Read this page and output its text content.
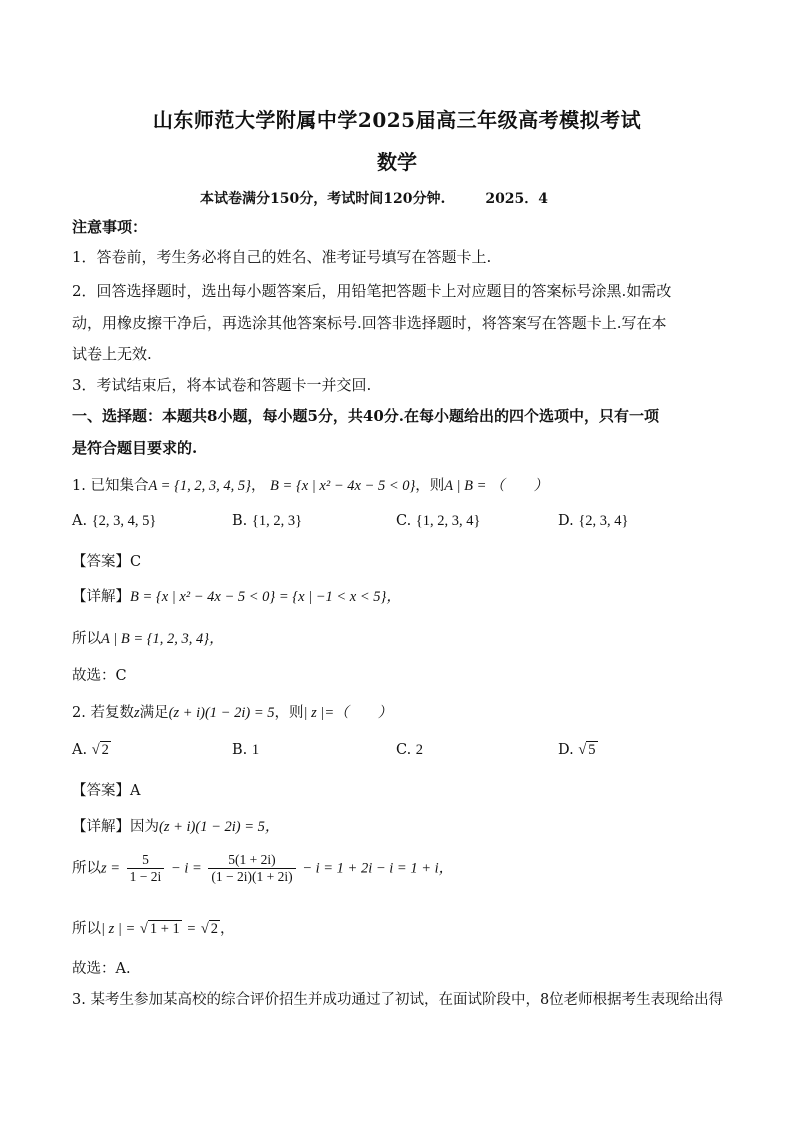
山东师范大学附属中学2025届高三年级高考模拟考试
数学
本试卷满分150分，考试时间120分钟.	2025．4
注意事项：
1．答卷前，考生务必将自己的姓名、准考证号填写在答题卡上.
2．回答选择题时，选出每小题答案后，用铅笔把答题卡上对应题目的答案标号涂黑.如需改
动，用橡皮擦干净后，再选涂其他答案标号.回答非选择题时，将答案写在答题卡上.写在本
试卷上无效.
3．考试结束后，将本试卷和答题卡一并交回.
一、选择题：本题共8小题，每小题5分，共40分.在每小题给出的四个选项中，只有一项
是符合题目要求的.
1. 已知集合A = {1, 2, 3, 4, 5}， B = {x | x² − 4x − 5 < 0}，则A | B = （　　）
A. {2, 3, 4, 5}	B. {1, 2, 3}	C. {1, 2, 3, 4}	D. {2, 3, 4}
【答案】C
【详解】B = {x | x² − 4x − 5 < 0} = {x | −1 < x < 5}，
所以A | B = {1, 2, 3, 4}，
故选：C
2. 若复数z满足(z + i)(1 − 2i) = 5，则| z |=（　　）
A. √ 2	B. 1	C. 2	D. √ 5
【答案】A
【详解】因为(z + i)(1 − 2i) = 5，
所以$z = \frac{5}{1 - 2i} - i = \frac{5(1 + 2i)}{(1 - 2i)(1 + 2i)} - i = 1 + 2i - i = 1 + i$，
所以| z | = √ 1 + 1 = √ 2 ，
故选：A.
3. 某考生参加某高校的综合评价招生并成功通过了初试，在面试阶段中，8位老师根据考生表现给出得
